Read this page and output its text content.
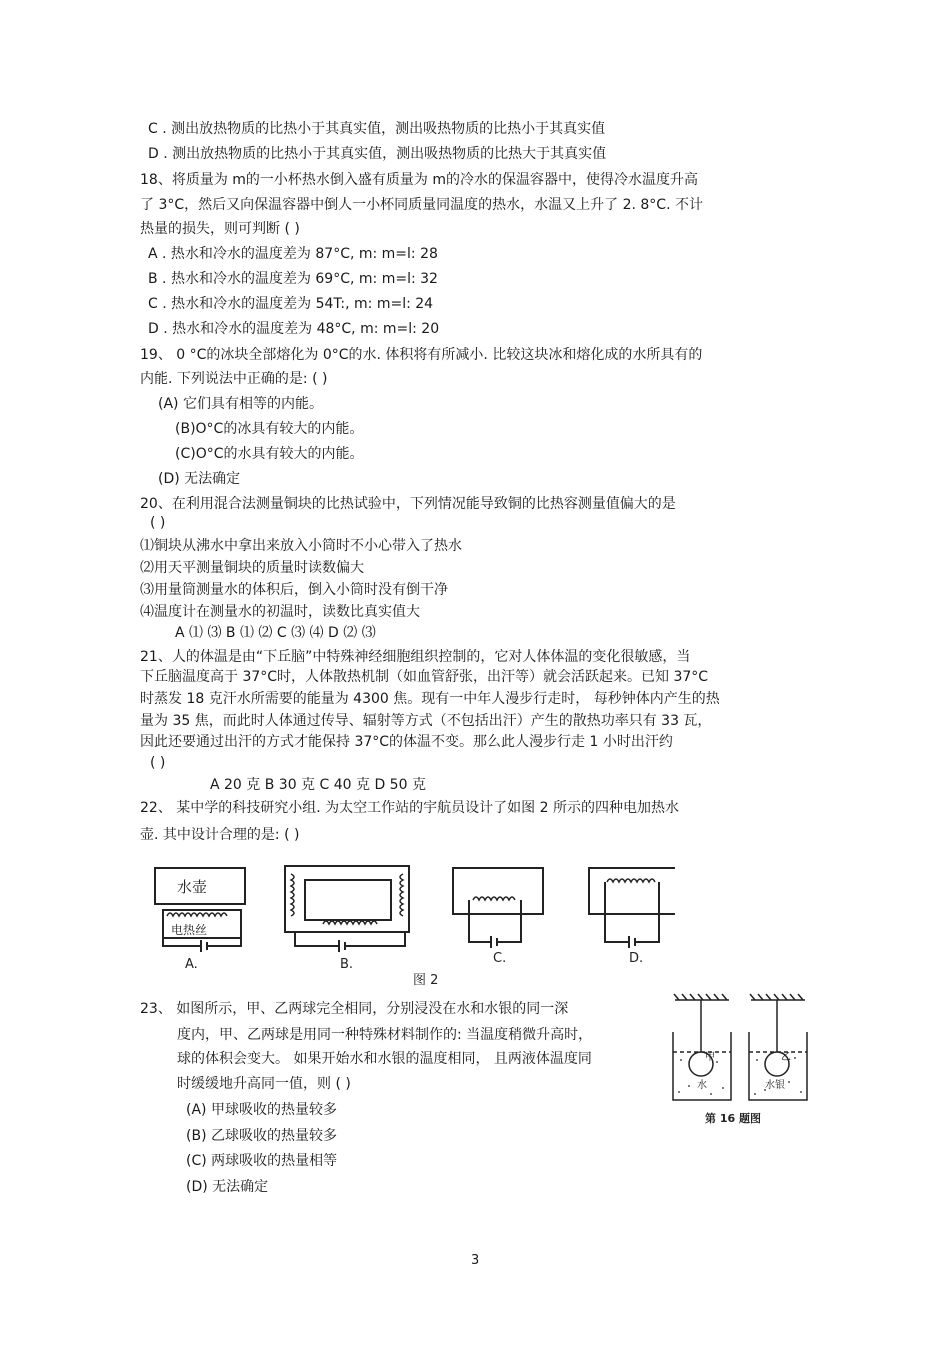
C . 测出放热物质的比热小于其真实值，测出吸热物质的比热小于其真实值
D . 测出放热物质的比热小于其真实值，测出吸热物质的比热大于其真实值
18、将质量为 m的一小杯热水倒入盛有质量为 m的冷水的保温容器中，使得冷水温度升高
了 3°C，然后又向保温容器中倒人一小杯同质量同温度的热水，水温又上升了 2. 8°C. 不计
热量的损失，则可判断 ( )
A . 热水和冷水的温度差为 87°C, m: m=l: 28
B . 热水和冷水的温度差为 69°C, m: m=l: 32
C . 热水和冷水的温度差为 54T:, m: m=l: 24
D . 热水和冷水的温度差为 48°C, m: m=l: 20
19、 0 °C的冰块全部熔化为 0°C的水. 体积将有所减小. 比较这块冰和熔化成的水所具有的
内能. 下列说法中正确的是: ( )
(A) 它们具有相等的内能。
(B)O°C的冰具有较大的内能。
(C)O°C的水具有较大的内能。
(D) 无法确定
20、在利用混合法测量铜块的比热试验中，下列情况能导致铜的比热容测量值偏大的是
( )
⑴铜块从沸水中拿出来放入小筒时不小心带入了热水
⑵用天平测量铜块的质量时读数偏大
⑶用量筒测量水的体积后，倒入小筒时没有倒干净
⑷温度计在测量水的初温时，读数比真实值大
A ⑴ ⑶ B ⑴ ⑵ C ⑶ ⑷ D ⑵ ⑶
21、人的体温是由“下丘脑”中特殊神经细胞组织控制的，它对人体体温的变化很敏感，当
下丘脑温度高于 37°C时，人体散热机制（如血管舒张，出汗等）就会活跃起来。已知 37°C
时蒸发 18 克汗水所需要的能量为 4300 焦。现有一中年人漫步行走时， 每秒钟体内产生的热
量为 35 焦，而此时人体通过传导、辐射等方式（不包括出汗）产生的散热功率只有 33 瓦，
因此还要通过出汗的方式才能保持 37°C的体温不变。那么此人漫步行走 1 小时出汗约
( )
A 20 克 B 30 克 C 40 克 D 50 克
22、 某中学的科技研究小组. 为太空工作站的宇航员设计了如图 2 所示的四种电加热水
壶. 其中设计合理的是: ( )
23、 如图所示，甲、乙两球完全相同，分别浸没在水和水银的同一深
度内，甲、乙两球是用同一种特殊材料制作的: 当温度稍微升高时，
球的体积会变大。 如果开始水和水银的温度相同， 且两液体温度同
时缓缓地升高同一值，则 ( )
(A) 甲球吸收的热量较多
(B) 乙球吸收的热量较多
(C) 两球吸收的热量相等
(D) 无法确定
水壶
电热丝
A.	B.	C.	D.
图 2
甲	乙
水	水银
第 16 题图
3
